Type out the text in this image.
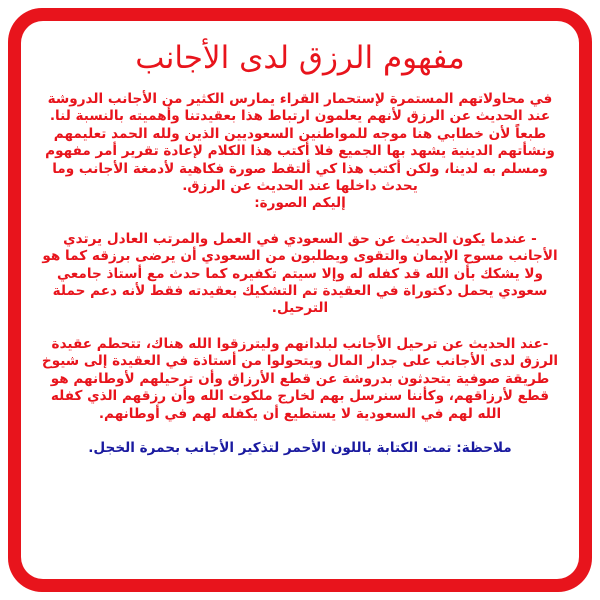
مفهوم الرزق لدى الأجانب

في محاولاتهم المستمرة لإستحمار القراء يمارس الكثير من الأجانب الدروشة عند الحديث عن الرزق لأنهم يعلمون ارتباط هذا بعقيدتنا وأهميته بالنسبة لنا. طبعاً لأن خطابي هنا موجه للمواطنين السعوديين الذين ولله الحمد تعليمهم ونشأتهم الدينية يشهد بها الجميع فلا أكتب هذا الكلام لإعادة تقرير أمر مفهوم ومسلم به لدينا، ولكن أكتب هذا كي ألتقط صورة فكاهية لأدمغة الأجانب وما يحدث داخلها عند الحديث عن الرزق.

إليكم الصورة:

- عندما يكون الحديث عن حق السعودي في العمل والمرتب العادل يرتدي الأجانب مسوح الإيمان والتقوى ويطلبون من السعودي أن يرضى برزقه كما هو ولا يشكك بأن الله قد كفله له وإلا سيتم تكفيره كما حدث مع أستاذ جامعي سعودي يحمل دكتوراة في العقيدة تم التشكيك بعقيدته فقط لأنه دعم حملة الترحيل.

-عند الحديث عن ترحيل الأجانب لبلدانهم وليترزقوا الله هناك، تتحطم عقيدة الرزق لدى الأجانب على جدار المال ويتحولوا من أستاذة في العقيدة إلى شيوخ طريقة صوفية يتحدثون بدروشة عن قطع الأرزاق وأن ترحيلهم لأوطانهم هو قطع لأرزاقهم، وكأننا سنرسل بهم لخارج ملكوت الله وأن رزقهم الذي كفله الله لهم في السعودية لا يستطيع أن يكفله لهم في أوطانهم.

ملاحظة: تمت الكتابة باللون الأحمر لتذكير الأجانب بحمرة الخجل.
